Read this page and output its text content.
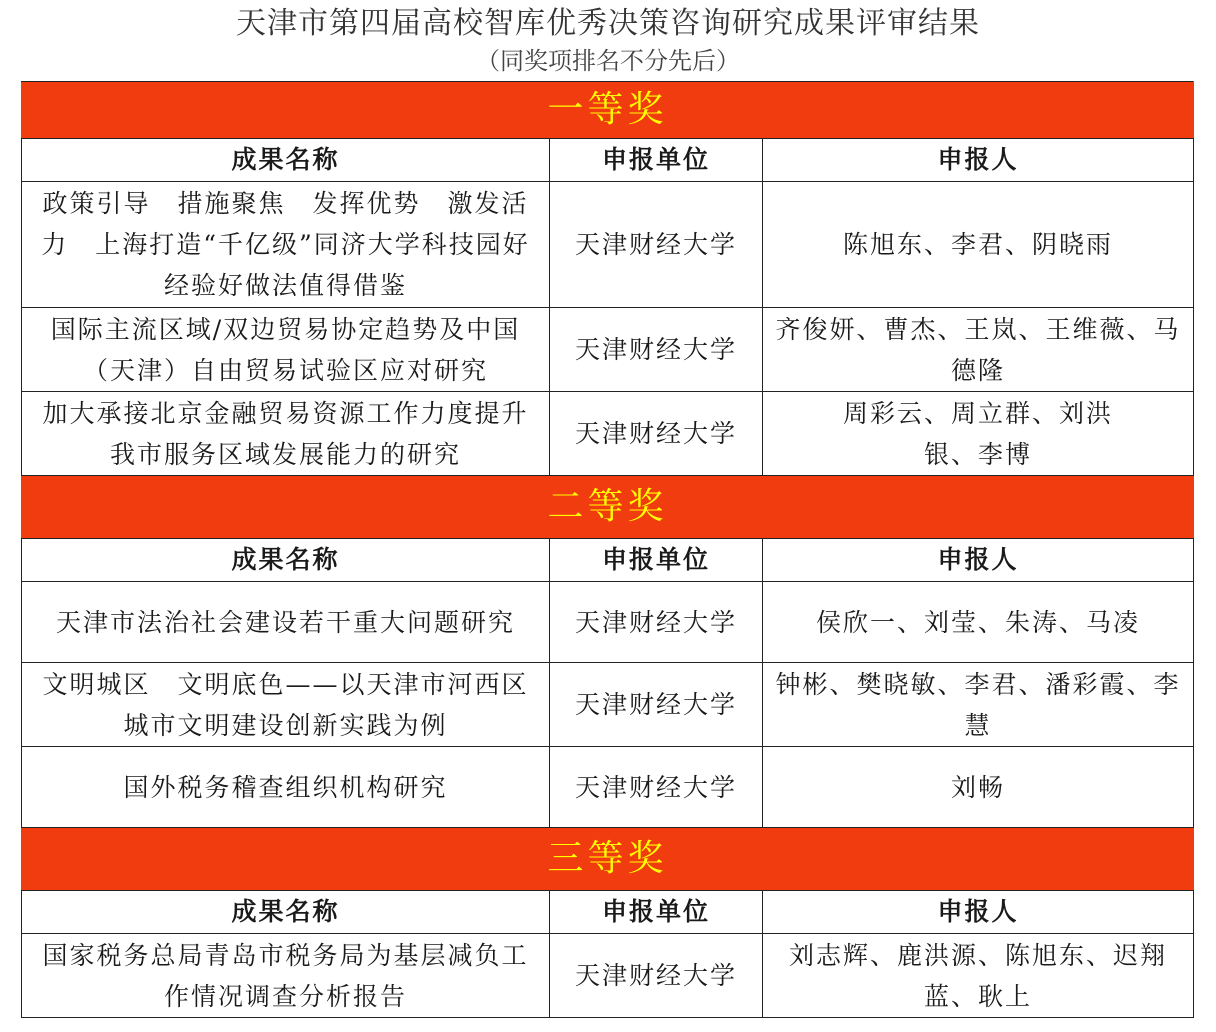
天津市第四届高校智库优秀决策咨询研究成果评审结果
（同奖项排名不分先后）
一等奖		
成果名称	申报单位	申报人
政策引导　措施聚焦　发挥优势　激发活力　上海打造“千亿级”同济大学科技园好经验好做法值得借鉴	天津财经大学	陈旭东、李君、阴晓雨
国际主流区域/双边贸易协定趋势及中国（天津）自由贸易试验区应对研究	天津财经大学	齐俊妍、曹杰、王岚、王维薇、马德隆
加大承接北京金融贸易资源工作力度提升我市服务区域发展能力的研究	天津财经大学	周彩云、周立群、刘洪银、李博
二等奖		
成果名称	申报单位	申报人
天津市法治社会建设若干重大问题研究	天津财经大学	侯欣一、刘莹、朱涛、马凌
文明城区　文明底色——以天津市河西区城市文明建设创新实践为例	天津财经大学	钟彬、樊晓敏、李君、潘彩霞、李慧
国外税务稽查组织机构研究	天津财经大学	刘畅
三等奖		
成果名称	申报单位	申报人
国家税务总局青岛市税务局为基层减负工作情况调查分析报告	天津财经大学	刘志辉、鹿洪源、陈旭东、迟翔蓝、耿上
